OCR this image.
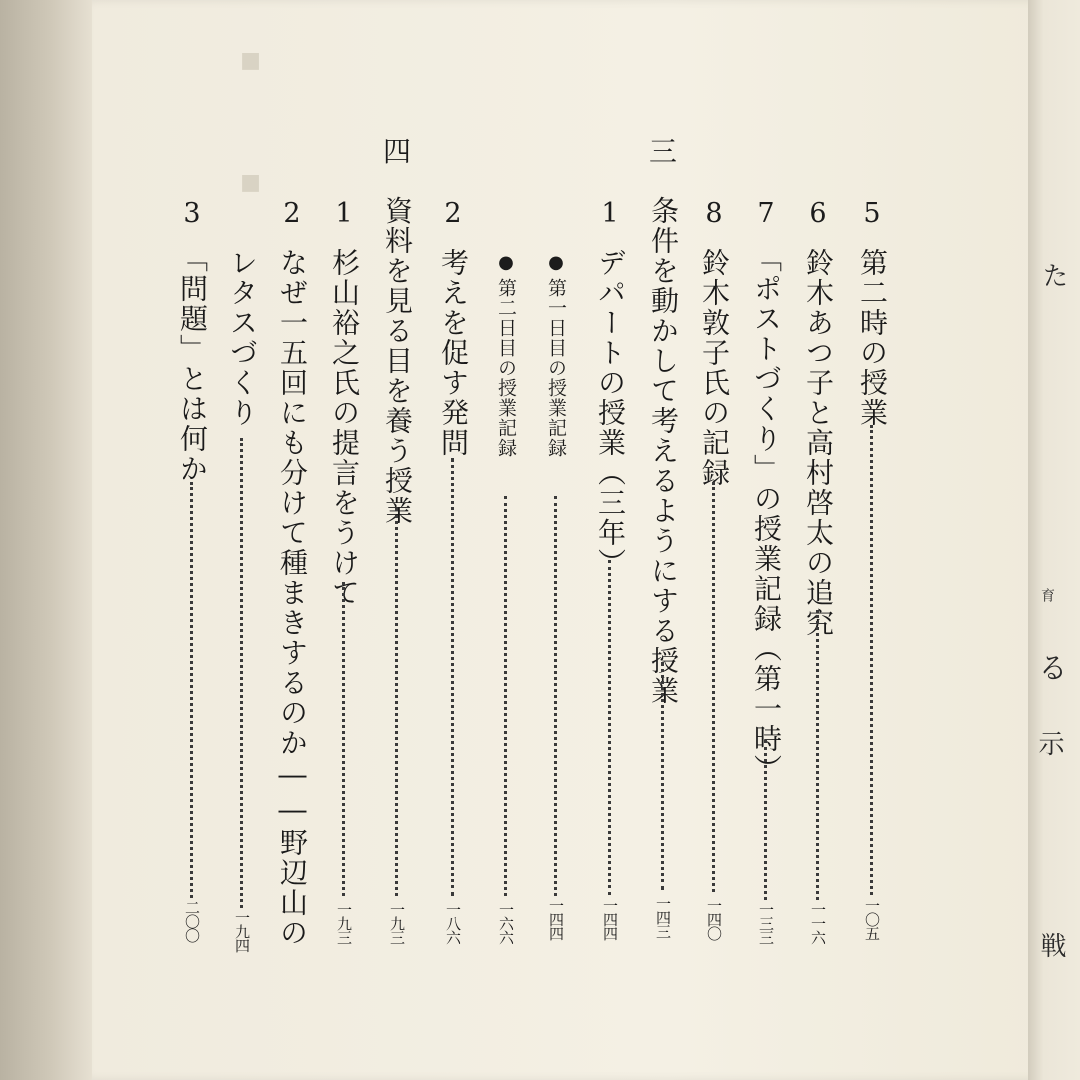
■
■
た
育
る
示
戦
三
四
5
第二時の授業
一〇五
6
鈴木あつ子と高村啓太の追究
一一六
7
「ポストづくり」の授業記録（第一時）
一三三
8
鈴木敦子氏の記録
一四〇
条件を動かして考えるようにする授業
一四三
1
デパートの授業（三年）
一四四
●
第一日目の授業記録
一四四
●
第二日目の授業記録
一六六
2
考えを促す発問
一八六
資料を見る目を養う授業
一九三
1
杉山裕之氏の提言をうけて
一九三
2
なぜ一五回にも分けて種まきするのか――野辺山の
レタスづくり
一九四
3
「問題」とは何か
二〇〇
